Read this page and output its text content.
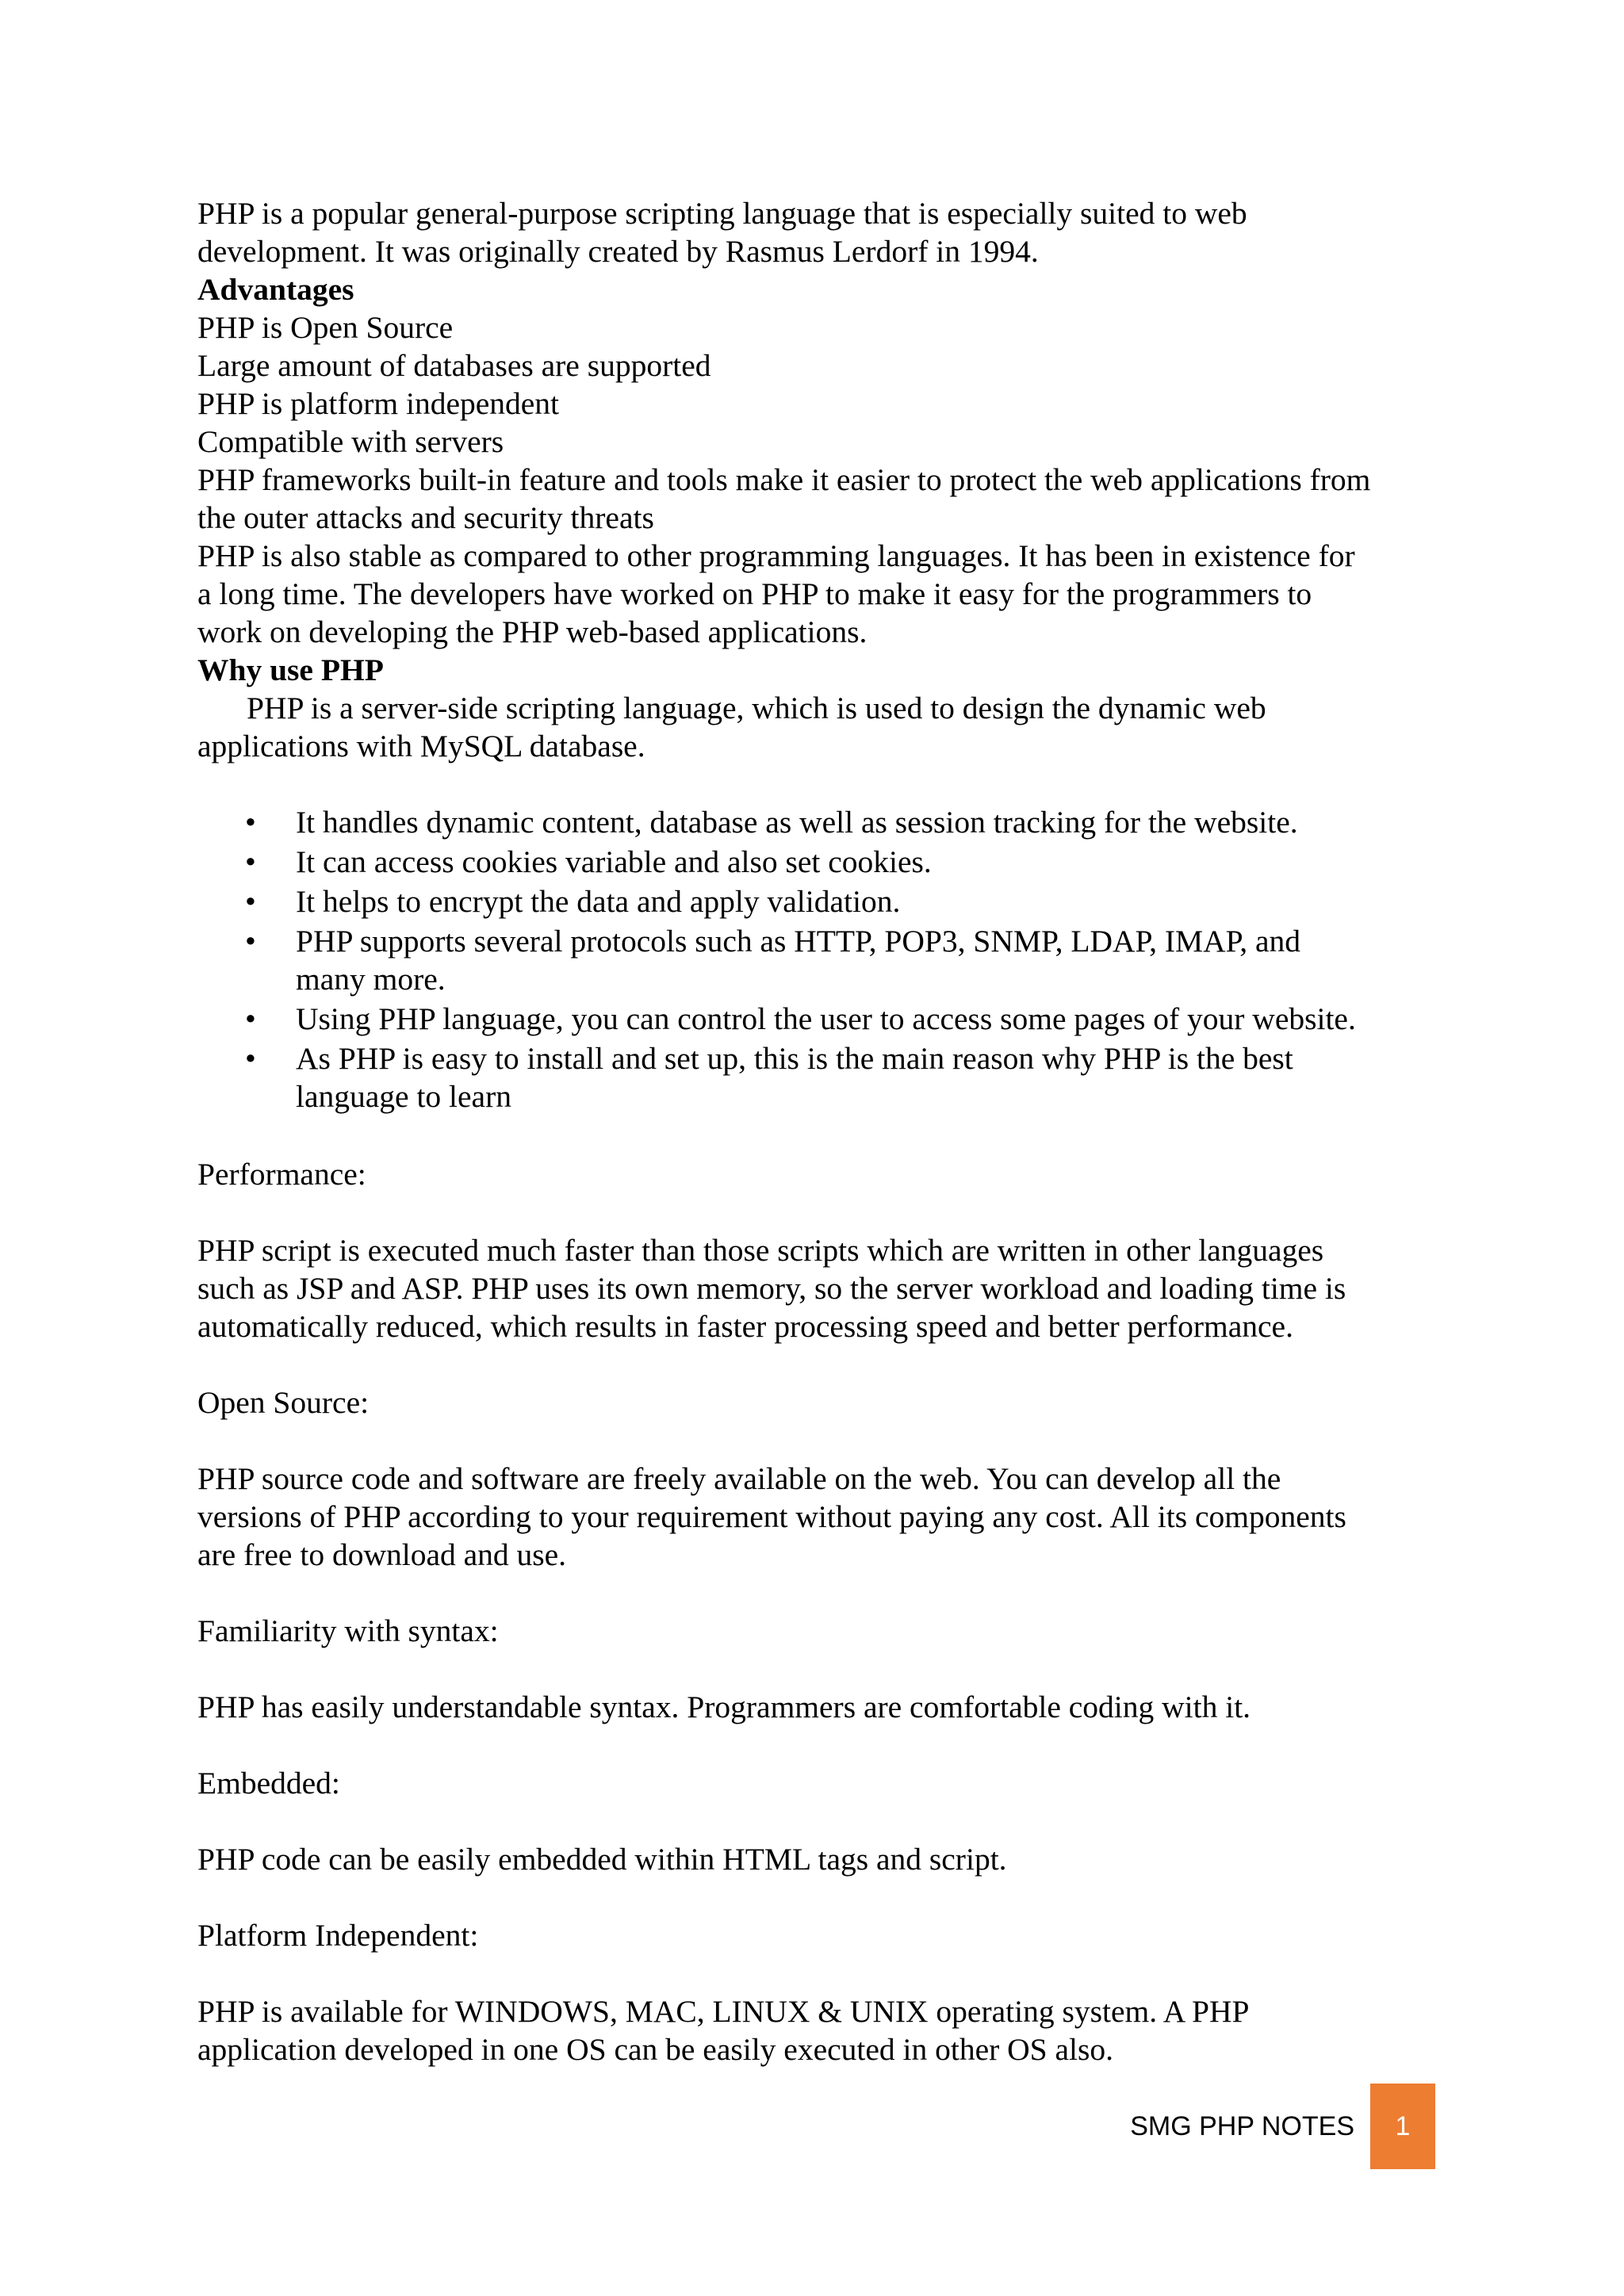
PHP is a popular general-purpose scripting language that is especially suited to web
development. It was originally created by Rasmus Lerdorf in 1994.
Advantages
PHP is Open Source
Large amount of databases are supported
PHP is platform independent
Compatible with servers
PHP frameworks built-in feature and tools make it easier to protect the web applications from
the outer attacks and security threats
PHP is also stable as compared to other programming languages. It has been in existence for
a long time. The developers have worked on PHP to make it easy for the programmers to
work on developing the PHP web-based applications.
Why use PHP
PHP is a server-side scripting language, which is used to design the dynamic web
applications with MySQL database.
• It handles dynamic content, database as well as session tracking for the website.
• It can access cookies variable and also set cookies.
• It helps to encrypt the data and apply validation.
• PHP supports several protocols such as HTTP, POP3, SNMP, LDAP, IMAP, and
many more.
• Using PHP language, you can control the user to access some pages of your website.
• As PHP is easy to install and set up, this is the main reason why PHP is the best
language to learn
Performance:
PHP script is executed much faster than those scripts which are written in other languages
such as JSP and ASP. PHP uses its own memory, so the server workload and loading time is
automatically reduced, which results in faster processing speed and better performance.
Open Source:
PHP source code and software are freely available on the web. You can develop all the
versions of PHP according to your requirement without paying any cost. All its components
are free to download and use.
Familiarity with syntax:
PHP has easily understandable syntax. Programmers are comfortable coding with it.
Embedded:
PHP code can be easily embedded within HTML tags and script.
Platform Independent:
PHP is available for WINDOWS, MAC, LINUX & UNIX operating system. A PHP
application developed in one OS can be easily executed in other OS also.
SMG PHP NOTES	1
